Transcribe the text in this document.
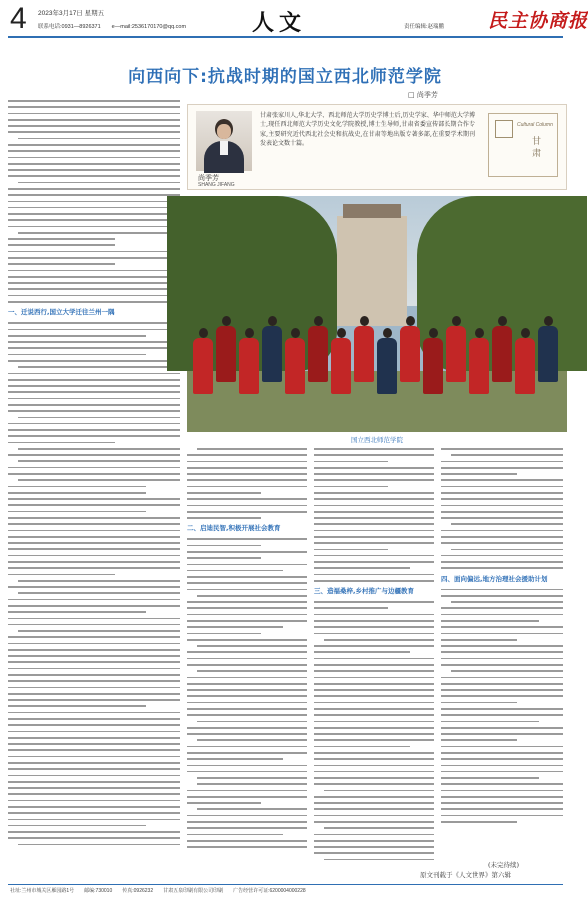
4 2023年3月17日 星期五
联系电话:0931—8926371　　e—mail:2536170170@qq.com	人文	责任编辑:赵瑞鹏 民主协商报
向西向下:抗战时期的国立西北师范学院
□ 尚季芳
一、迁说西行,国立大学迁往兰州一隅
尚季芳
SHANG JIFANG
甘肃张家川人,华北大学、西北师范大学历史学博士后,历史学家、华中师范大学博士,现任西北师范大学历史文化学院教授,博士生导师,甘肃省委宣传部长期合作专家,主要研究近代西北社会史和抗战史,在甘肃等地出版专著多部,在重要学术期刊发表论文数十篇。
Cultural Column
甘肃
国立西北师范学院
二、启迪民智,积极开展社会教育
三、造福桑梓,乡村推广与边疆教育
四、面向偏远,地方治理社会援助计划
(未完待续)
原文刊载于《人文世界》第六辑
社址:兰州市城关区雁园路1号　　邮编:730010　　传真:0926232　　甘肃五泉印刷有限公司印刷　　广告经营许可证:6200004000228
